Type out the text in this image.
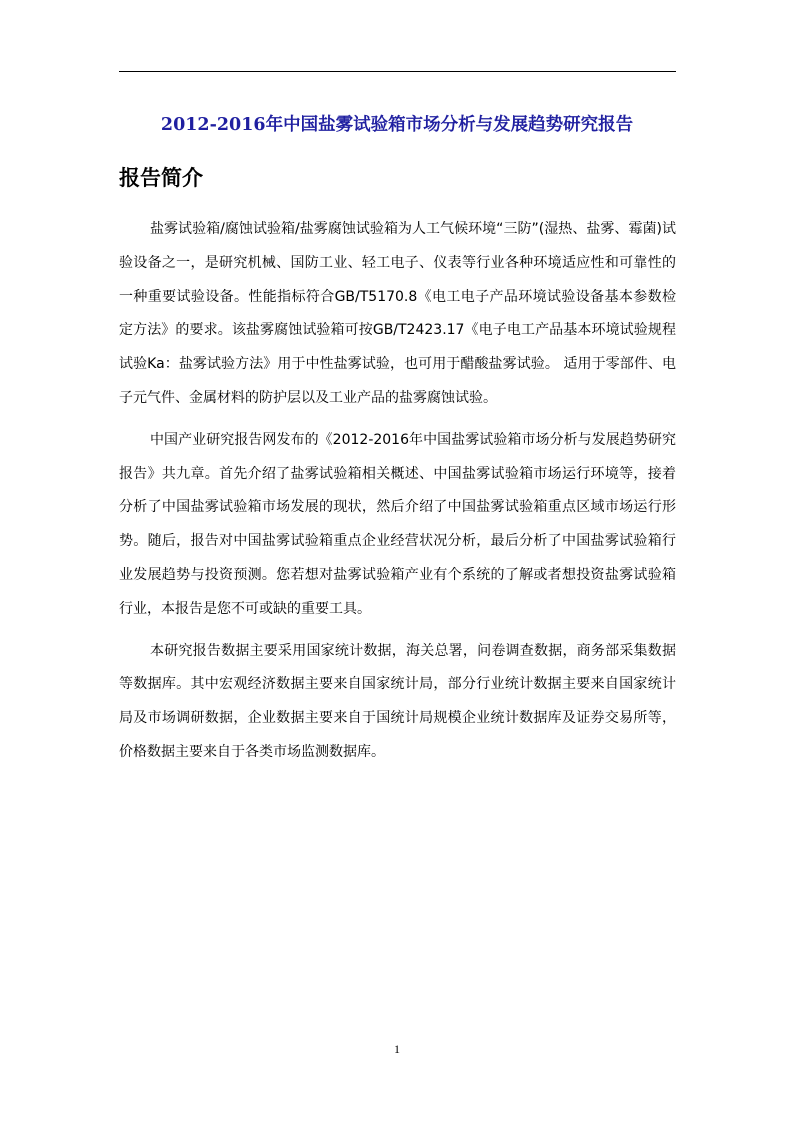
2012-2016年中国盐雾试验箱市场分析与发展趋势研究报告
报告简介

盐雾试验箱/腐蚀试验箱/盐雾腐蚀试验箱为人工气候环境“三防”(湿热、盐雾、霉菌)试验设备之一，是研究机械、国防工业、轻工电子、仪表等行业各种环境适应性和可靠性的一种重要试验设备。性能指标符合GB/T5170.8《电工电子产品环境试验设备基本参数检定方法》的要求。该盐雾腐蚀试验箱可按GB/T2423.17《电子电工产品基本环境试验规程试验Ka：盐雾试验方法》用于中性盐雾试验，也可用于醋酸盐雾试验。 适用于零部件、电子元气件、金属材料的防护层以及工业产品的盐雾腐蚀试验。

中国产业研究报告网发布的《2012-2016年中国盐雾试验箱市场分析与发展趋势研究报告》共九章。首先介绍了盐雾试验箱相关概述、中国盐雾试验箱市场运行环境等，接着分析了中国盐雾试验箱市场发展的现状，然后介绍了中国盐雾试验箱重点区域市场运行形势。随后，报告对中国盐雾试验箱重点企业经营状况分析，最后分析了中国盐雾试验箱行业发展趋势与投资预测。您若想对盐雾试验箱产业有个系统的了解或者想投资盐雾试验箱行业，本报告是您不可或缺的重要工具。

本研究报告数据主要采用国家统计数据，海关总署，问卷调查数据，商务部采集数据等数据库。其中宏观经济数据主要来自国家统计局，部分行业统计数据主要来自国家统计局及市场调研数据，企业数据主要来自于国统计局规模企业统计数据库及证券交易所等，价格数据主要来自于各类市场监测数据库。

1
